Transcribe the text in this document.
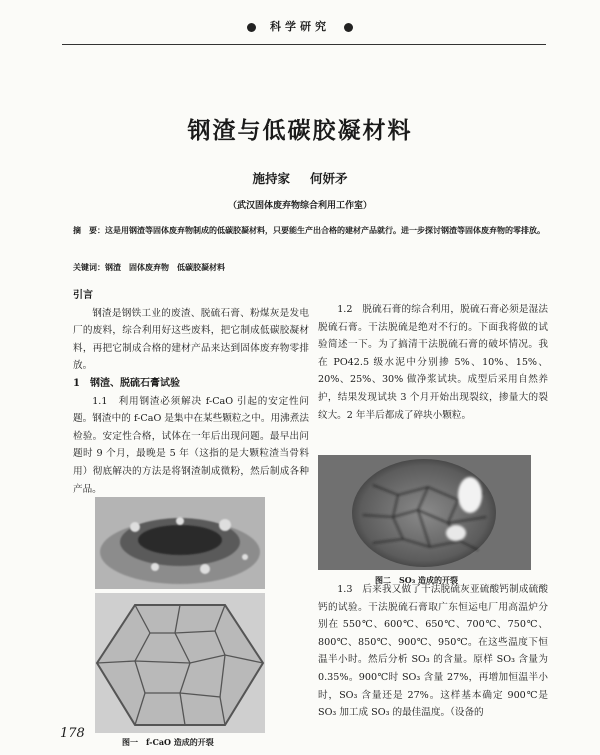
科学研究
钢渣与低碳胶凝材料
施持家 何妍矛
（武汉固体废弃物综合利用工作室）
摘　要：这是用钢渣等固体废弃物制成的低碳胶凝材料，只要能生产出合格的建材产品就行。进一步探讨钢渣等固体废弃物的零排放。
关键词：钢渣　固体废弃物　低碳胶凝材料

引言

钢渣是钢铁工业的废渣、脱硫石膏、粉煤灰是发电厂的废料，综合利用好这些废料，把它制成低碳胶凝材料，再把它制成合格的建材产品来达到固体废弃物零排放。

1　钢渣、脱硫石膏试验

1.1　利用钢渣必须解决 f-CaO 引起的安定性问题。钢渣中的 f-CaO 是集中在某些颗粒之中。用沸煮法检验。安定性合格，试体在一年后出现问题。最早出问题时 9 个月，最晚是 5 年（这指的是大颗粒渣当骨料用）彻底解决的方法是将钢渣制成微粉，然后制成各种产品。

1.2　脱硫石膏的综合利用，脱硫石膏必须是湿法脱硫石膏。干法脱硫是绝对不行的。下面我将做的试验简述一下。为了搞清干法脱硫石膏的破坏情况。我在 PO42.5 级水泥中分别掺 5%、10%、15%、20%、25%、30% 做净浆试块。成型后采用自然养护，结果发现试块 3 个月开始出现裂纹，掺量大的裂纹大。2 年半后都成了碎块小颗粒。

图二　SO₃ 造成的开裂

1.3　后来我又做了干法脱硫灰亚硫酸钙制成硫酸钙的试验。干法脱硫石膏取广东恒运电厂用高温炉分别在 550℃、600℃、650℃、700℃、750℃、800℃、850℃、900℃、950℃。在这些温度下恒温半小时。然后分析 SO₃ 的含量。原样 SO₃ 含量为 0.35%。900℃时 SO₃ 含量 27%，再增加恒温半小时，SO₃ 含量还是 27%。这样基本确定 900℃是 SO₃ 加工成 SO₃ 的最佳温度。（设备的

图一　f-CaO 造成的开裂
178
